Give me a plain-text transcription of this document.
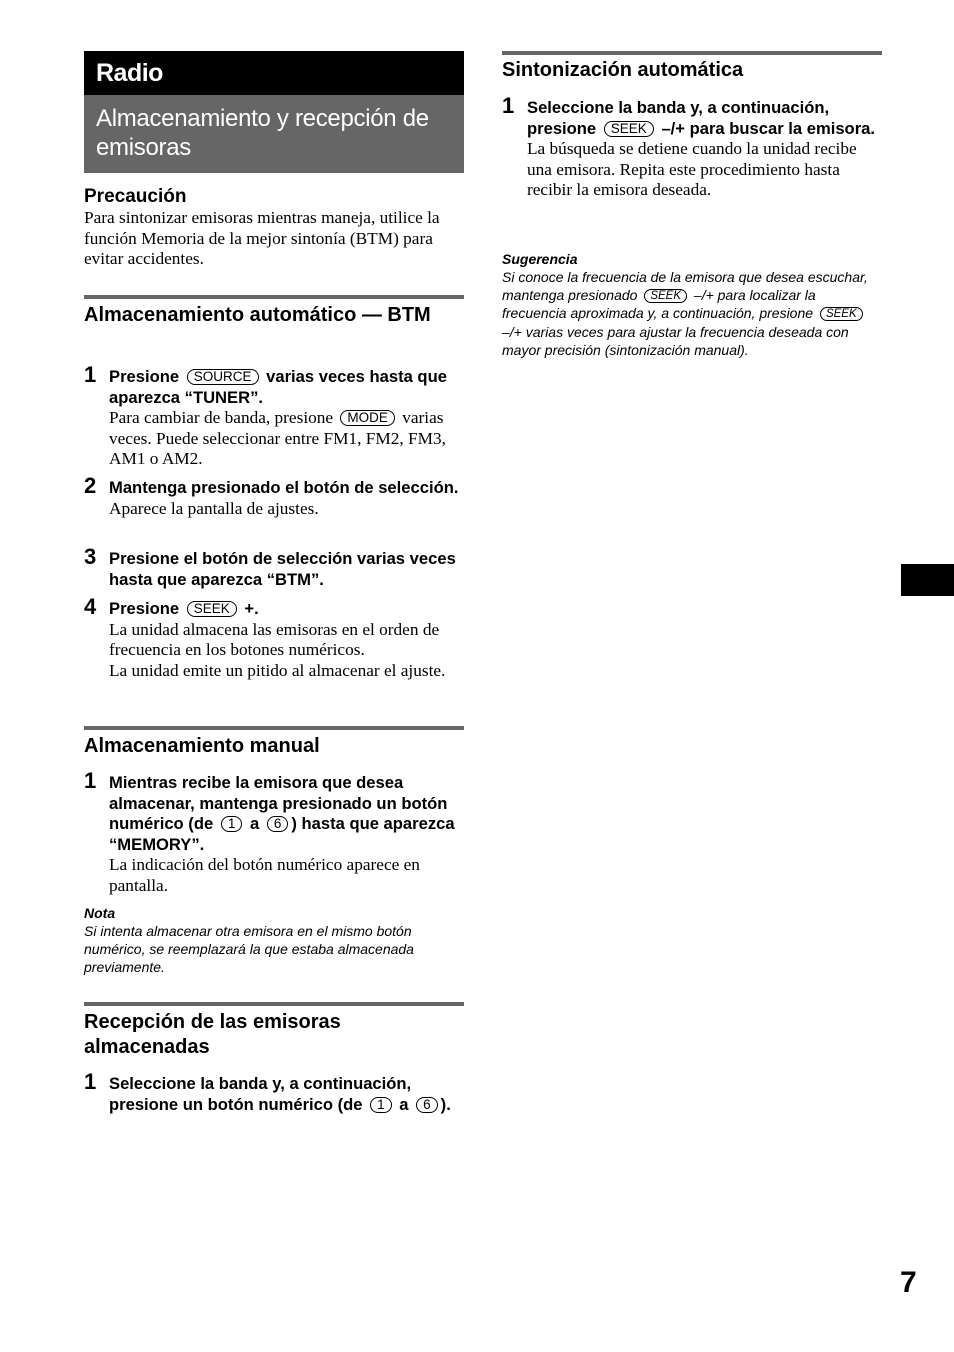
Radio
Almacenamiento y recepción de emisoras
Precaución
Para sintonizar emisoras mientras maneja, utilice la función Memoria de la mejor sintonía (BTM) para evitar accidentes.
Almacenamiento automático — BTM
1 Presione SOURCE varias veces hasta que aparezca “TUNER”.
Para cambiar de banda, presione MODE varias veces. Puede seleccionar entre FM1, FM2, FM3, AM1 o AM2.
2 Mantenga presionado el botón de selección.
Aparece la pantalla de ajustes.
3 Presione el botón de selección varias veces hasta que aparezca “BTM”.
4 Presione SEEK +.
La unidad almacena las emisoras en el orden de frecuencia en los botones numéricos.
La unidad emite un pitido al almacenar el ajuste.
Almacenamiento manual
1 Mientras recibe la emisora que desea almacenar, mantenga presionado un botón numérico (de 1 a 6 ) hasta que aparezca “MEMORY”.
La indicación del botón numérico aparece en pantalla.
Nota
Si intenta almacenar otra emisora en el mismo botón numérico, se reemplazará la que estaba almacenada previamente.
Recepción de las emisoras almacenadas
1 Seleccione la banda y, a continuación, presione un botón numérico (de 1 a 6 ).
Sintonización automática
1 Seleccione la banda y, a continuación, presione SEEK –/+ para buscar la emisora.
La búsqueda se detiene cuando la unidad recibe una emisora. Repita este procedimiento hasta recibir la emisora deseada.
Sugerencia
Si conoce la frecuencia de la emisora que desea escuchar, mantenga presionado SEEK –/+ para localizar la frecuencia aproximada y, a continuación, presione SEEK –/+ varias veces para ajustar la frecuencia deseada con mayor precisión (sintonización manual).
7
